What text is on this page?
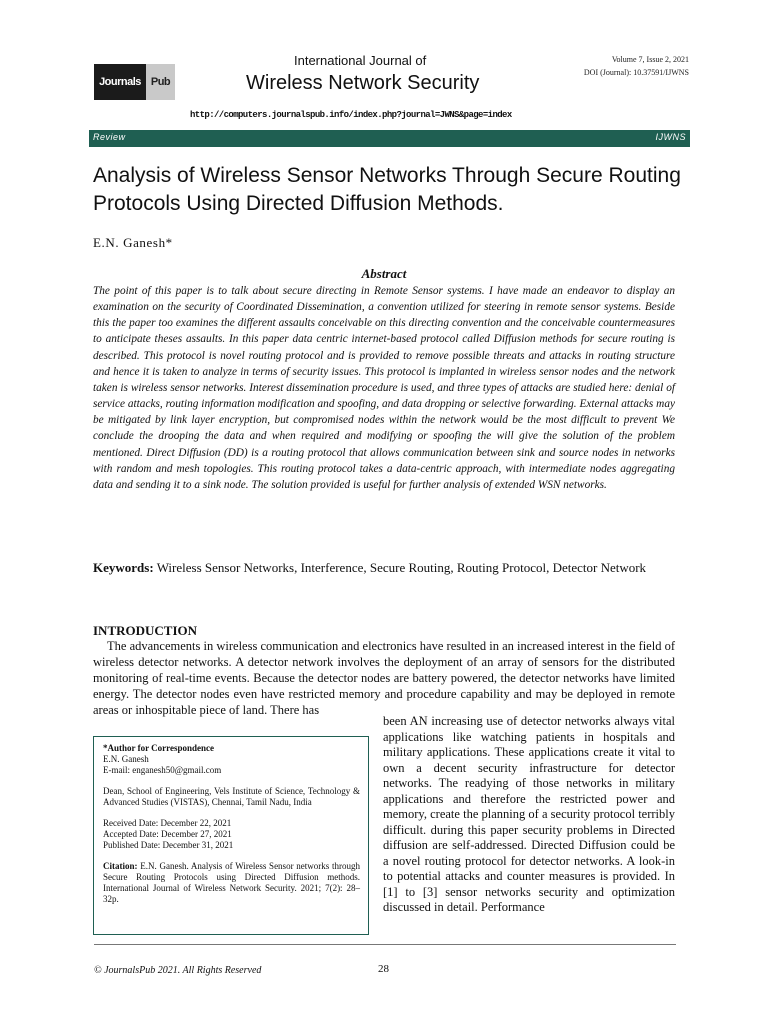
Journals Pub
International Journal of
Wireless Network Security
Volume 7, Issue 2, 2021
DOI (Journal): 10.37591/IJWNS
http://computers.journalspub.info/index.php?journal=JWNS&page=index
Review	IJWNS
Analysis of Wireless Sensor Networks Through Secure Routing Protocols Using Directed Diffusion Methods.
E.N. Ganesh*
Abstract
The point of this paper is to talk about secure directing in Remote Sensor systems. I have made an endeavor to display an examination on the security of Coordinated Dissemination, a convention utilized for steering in remote sensor systems. Beside this the paper too examines the different assaults conceivable on this directing convention and the conceivable countermeasures to anticipate theses assaults. In this paper data centric internet-based protocol called Diffusion methods for secure routing is described. This protocol is novel routing protocol and is provided to remove possible threats and attacks in routing structure and hence it is taken to analyze in terms of security issues. This protocol is implanted in wireless sensor nodes and the network taken is wireless sensor networks. Interest dissemination procedure is used, and three types of attacks are studied here: denial of service attacks, routing information modification and spoofing, and data dropping or selective forwarding. External attacks may be mitigated by link layer encryption, but compromised nodes within the network would be the most difficult to prevent We conclude the drooping the data and when required and modifying or spoofing the will give the solution of the problem mentioned. Direct Diffusion (DD) is a routing protocol that allows communication between sink and source nodes in networks with random and mesh topologies. This routing protocol takes a data-centric approach, with intermediate nodes aggregating data and sending it to a sink node. The solution provided is useful for further analysis of extended WSN networks.
Keywords: Wireless Sensor Networks, Interference, Secure Routing, Routing Protocol, Detector Network
INTRODUCTION
The advancements in wireless communication and electronics have resulted in an increased interest in the field of wireless detector networks. A detector network involves the deployment of an array of sensors for the distributed monitoring of real-time events. Because the detector nodes are battery powered, the detector networks have limited energy. The detector nodes even have restricted memory and procedure capability and may be deployed in remote areas or inhospitable piece of land. There has
been AN increasing use of detector networks always vital applications like watching patients in hospitals and military applications. These applications create it vital to own a decent security infrastructure for detector networks. The readying of those networks in military applications and therefore the restricted power and memory, create the planning of a security protocol terribly difficult. during this paper security problems in Directed diffusion are self-addressed. Directed Diffusion could be a novel routing protocol for detector networks. A look-in to potential attacks and counter measures is provided. In [1] to [3] sensor networks security and optimization discussed in detail. Performance

*Author for Correspondence

E.N. Ganesh

E-mail: enganesh50@gmail.com

Dean, School of Engineering, Vels Institute of Science, Technology & Advanced Studies (VISTAS), Chennai, Tamil Nadu, India

Received Date: December 22, 2021

Accepted Date: December 27, 2021

Published Date: December 31, 2021

Citation: E.N. Ganesh. Analysis of Wireless Sensor networks through Secure Routing Protocols using Directed Diffusion methods. International Journal of Wireless Network Security. 2021; 7(2): 28–32p.

© JournalsPub 2021. All Rights Reserved	28
